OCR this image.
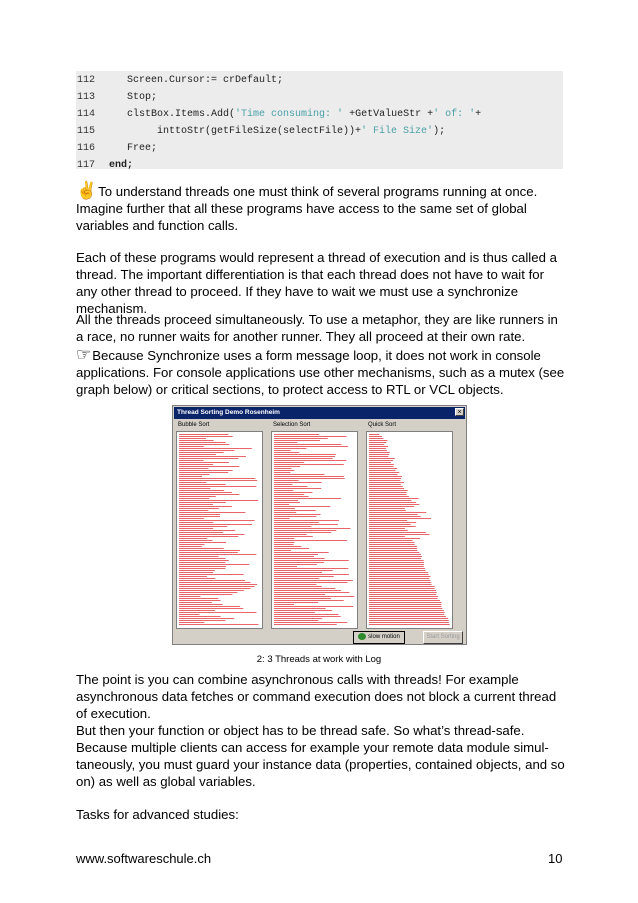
112    Screen.Cursor:= crDefault;
113    Stop;
114    clstBox.Items.Add('Time consuming: ' +GetValueStr +' of: '+
115         inttoStr(getFileSize(selectFile))+' File Size');
116    Free;
117 end;

✌To understand threads one must think of several programs running at once. Imagine further that all these programs have access to the same set of global variables and function calls.

Each of these programs would represent a thread of execution and is thus called a thread. The important differentiation is that each thread does not have to wait for any other thread to proceed. If they have to wait we must use a synchronize mechanism.

All the threads proceed simultaneously. To use a metaphor, they are like runners in a race, no runner waits for another runner. They all proceed at their own rate.

☞Because Synchronize uses a form message loop, it does not work in console applications. For console applications use other mechanisms, such as a mutex (see graph below) or critical sections, to protect access to RTL or VCL objects.

Thread Sorting Demo Rosenheim	×
Bubble Sort	Selection Sort	Quick Sort
slow motion	Start Sorting
2: 3 Threads at work with Log

The point is you can combine asynchronous calls with threads! For example asynchronous data fetches or command execution does not block a current thread of execution.

But then your function or object has to be thread safe. So what’s thread-safe. Because multiple clients can access for example your remote data module simul-taneously, you must guard your instance data (properties, contained objects, and so on) as well as global variables.

Tasks for advanced studies:

www.softwareschule.ch	10
